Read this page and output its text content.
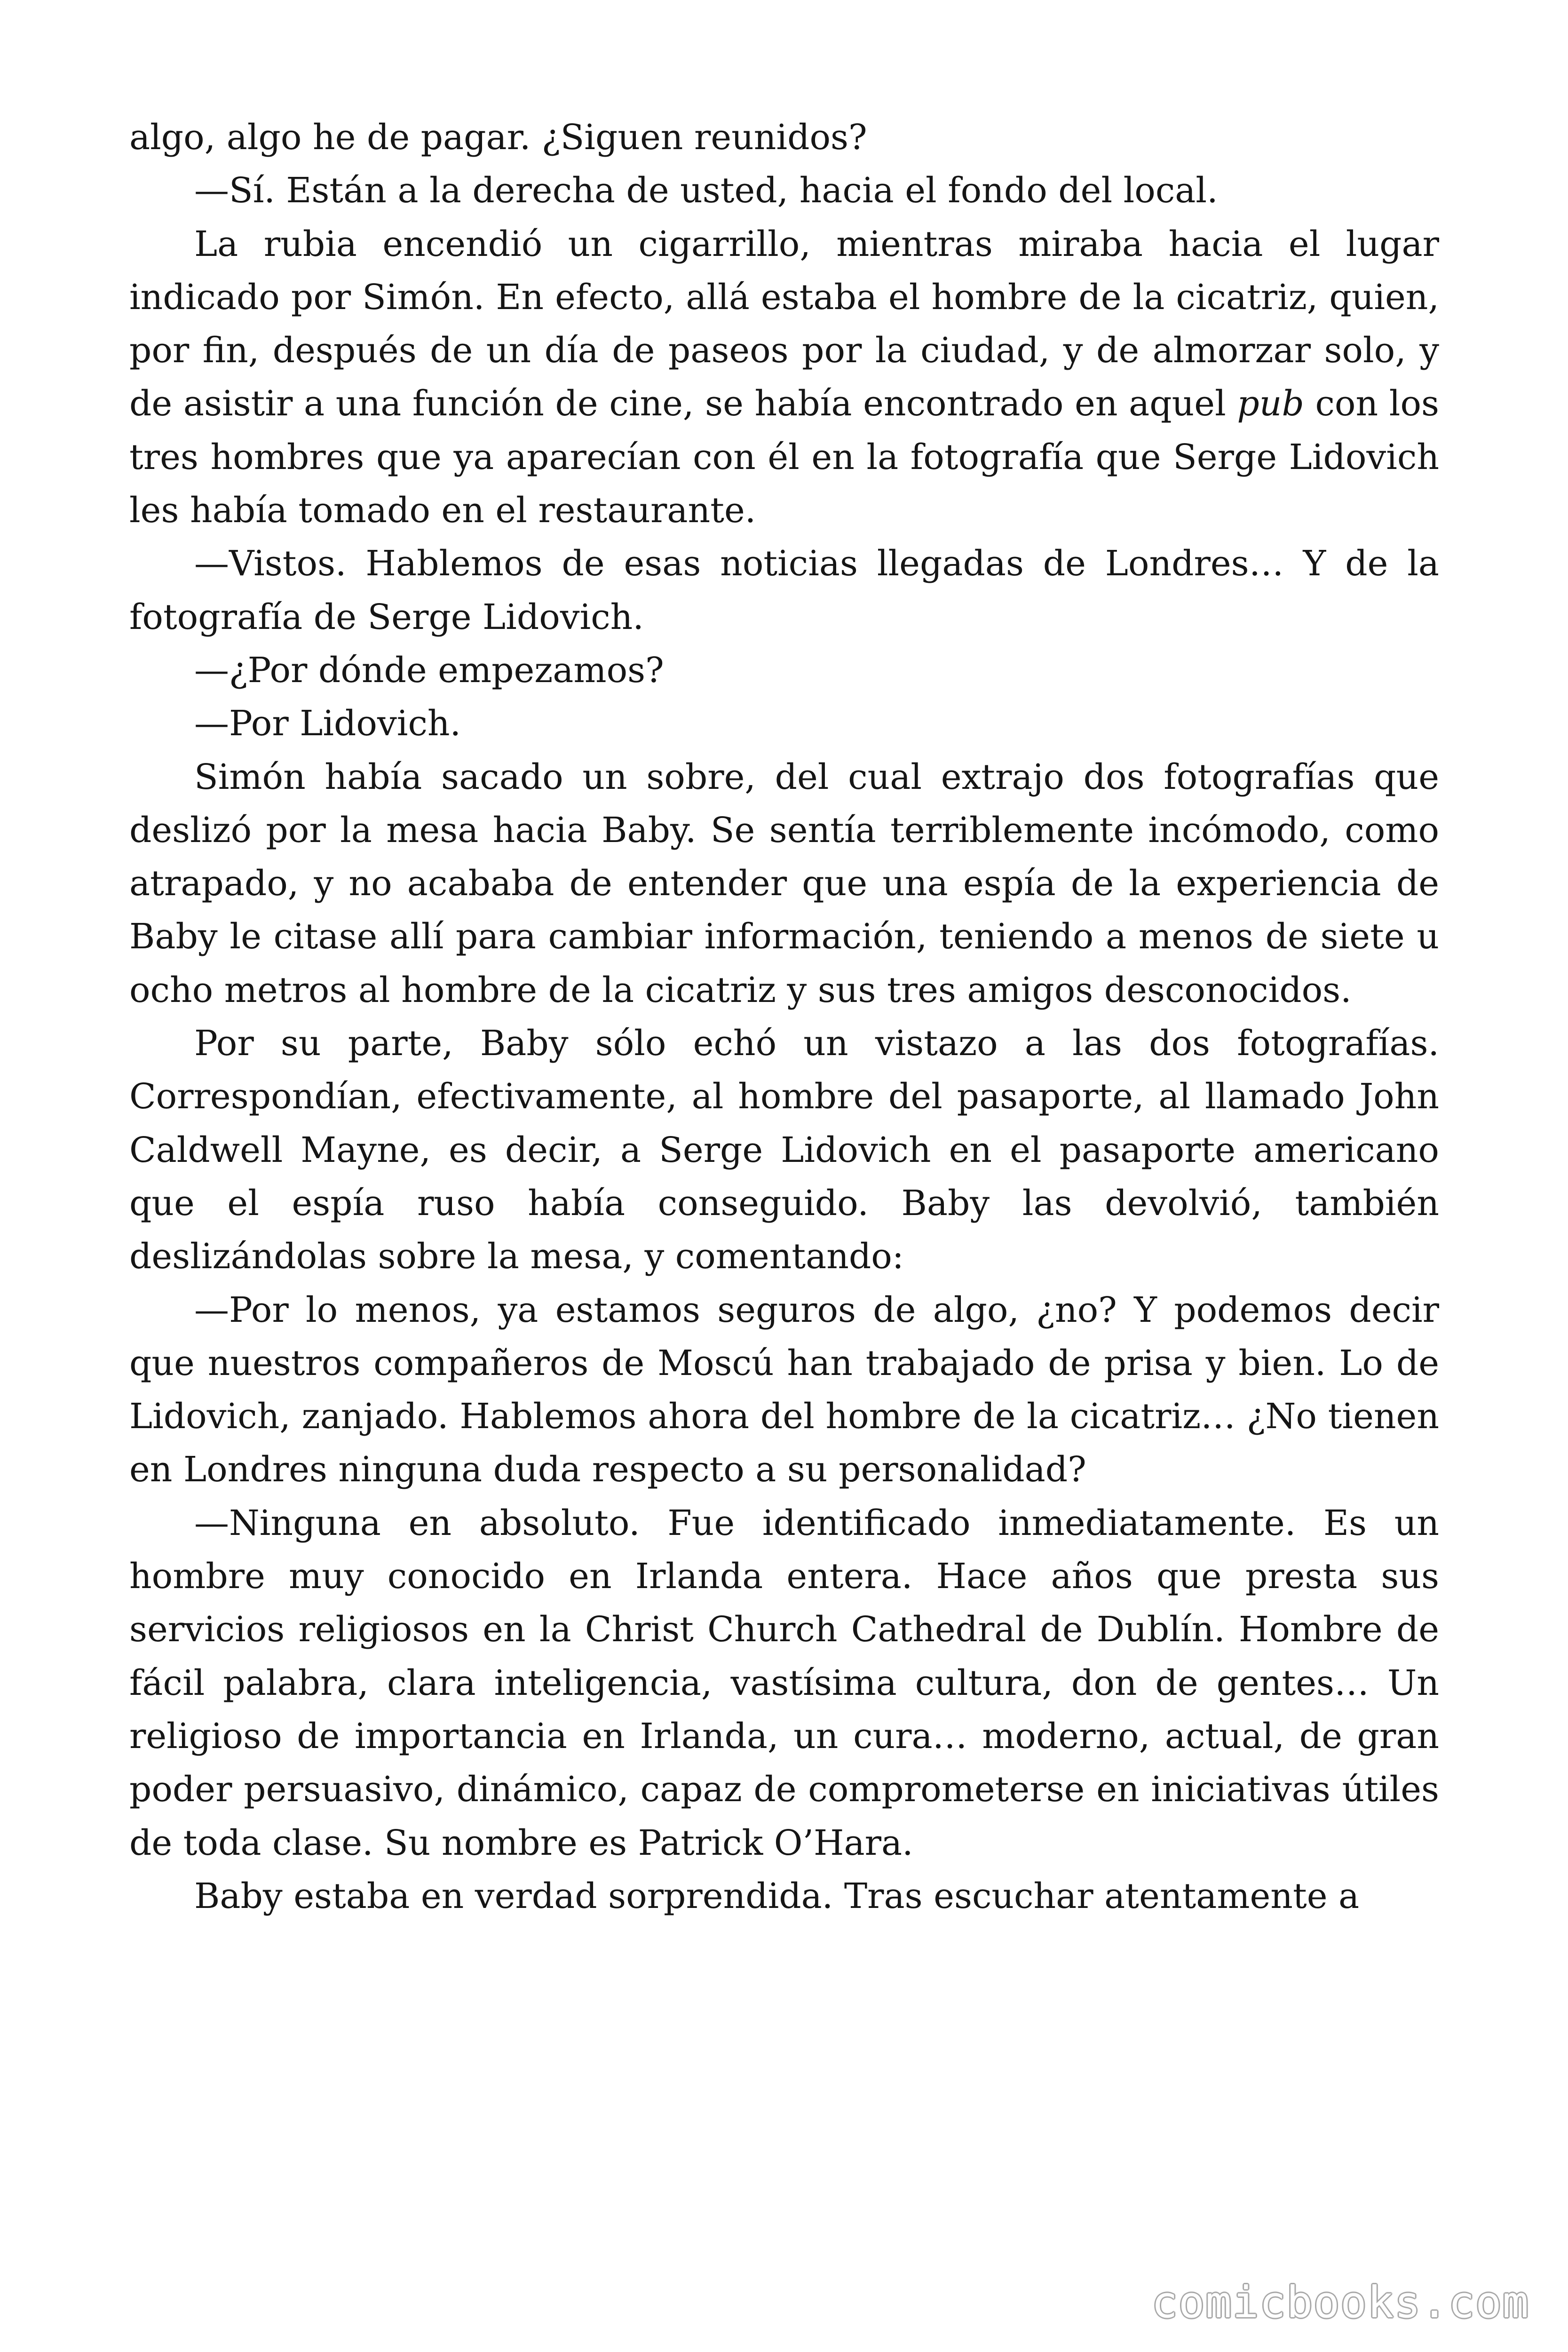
algo, algo he de pagar. ¿Siguen reunidos?

—Sí. Están a la derecha de usted, hacia el fondo del local.

La rubia encendió un cigarrillo, mientras miraba hacia el lugar indicado por Simón. En efecto, allá estaba el hombre de la cicatriz, quien, por fin, después de un día de paseos por la ciudad, y de almorzar solo, y de asistir a una función de cine, se había encontrado en aquel pub con los tres hombres que ya aparecían con él en la fotografía que Serge Lidovich les había tomado en el restaurante.

—Vistos. Hablemos de esas noticias llegadas de Londres… Y de la fotografía de Serge Lidovich.

—¿Por dónde empezamos?

—Por Lidovich.

Simón había sacado un sobre, del cual extrajo dos fotografías que deslizó por la mesa hacia Baby. Se sentía terriblemente incómodo, como atrapado, y no acababa de entender que una espía de la experiencia de Baby le citase allí para cambiar información, teniendo a menos de siete u ocho metros al hombre de la cicatriz y sus tres amigos desconocidos.

Por su parte, Baby sólo echó un vistazo a las dos fotografías. Correspondían, efectivamente, al hombre del pasaporte, al llamado John Caldwell Mayne, es decir, a Serge Lidovich en el pasaporte americano que el espía ruso había conseguido. Baby las devolvió, también deslizándolas sobre la mesa, y comentando:

—Por lo menos, ya estamos seguros de algo, ¿no? Y podemos decir que nuestros compañeros de Moscú han trabajado de prisa y bien. Lo de Lidovich, zanjado. Hablemos ahora del hombre de la cicatriz… ¿No tienen en Londres ninguna duda respecto a su personalidad?

—Ninguna en absoluto. Fue identificado inmediatamente. Es un hombre muy conocido en Irlanda entera. Hace años que presta sus servicios religiosos en la Christ Church Cathedral de Dublín. Hombre de fácil palabra, clara inteligencia, vastísima cultura, don de gentes… Un religioso de importancia en Irlanda, un cura… moderno, actual, de gran poder persuasivo, dinámico, capaz de comprometerse en iniciativas útiles de toda clase. Su nombre es Patrick O’Hara.

Baby estaba en verdad sorprendida. Tras escuchar atentamente a

comicbooks.com
